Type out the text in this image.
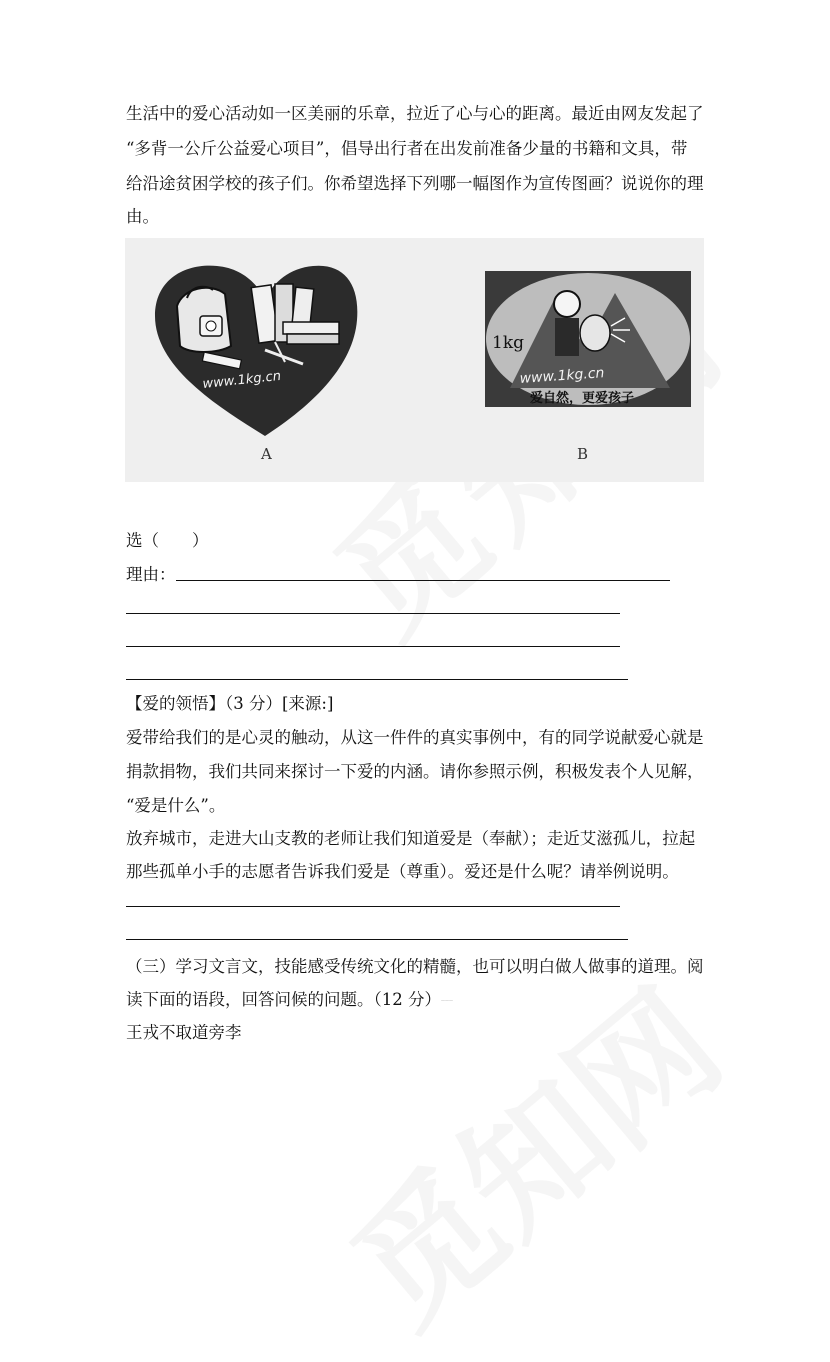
生活中的爱心活动如一区美丽的乐章，拉近了心与心的距离。最近由网友发起了
“多背一公斤公益爱心项目”，倡导出行者在出发前准备少量的书籍和文具，带
给沿途贫困学校的孩子们。你希望选择下列哪一幅图作为宣传图画？说说你的理
由。
www.1kg.cn
A
1kg
www.1kg.cn
爱自然，更爱孩子
B
选（　　）
理由：
【爱的领悟】（3 分）[来源:]
爱带给我们的是心灵的触动，从这一件件的真实事例中，有的同学说献爱心就是
捐款捐物，我们共同来探讨一下爱的内涵。请你参照示例，积极发表个人见解，
“爱是什么”。
放弃城市，走进大山支教的老师让我们知道爱是（奉献）；走近艾滋孤儿，拉起
那些孤单小手的志愿者告诉我们爱是（尊重）。爱还是什么呢？请举例说明。
（三）学习文言文，技能感受传统文化的精髓，也可以明白做人做事的道理。阅
读下面的语段，回答问候的问题。（12 分）———
王戎不取道旁李
